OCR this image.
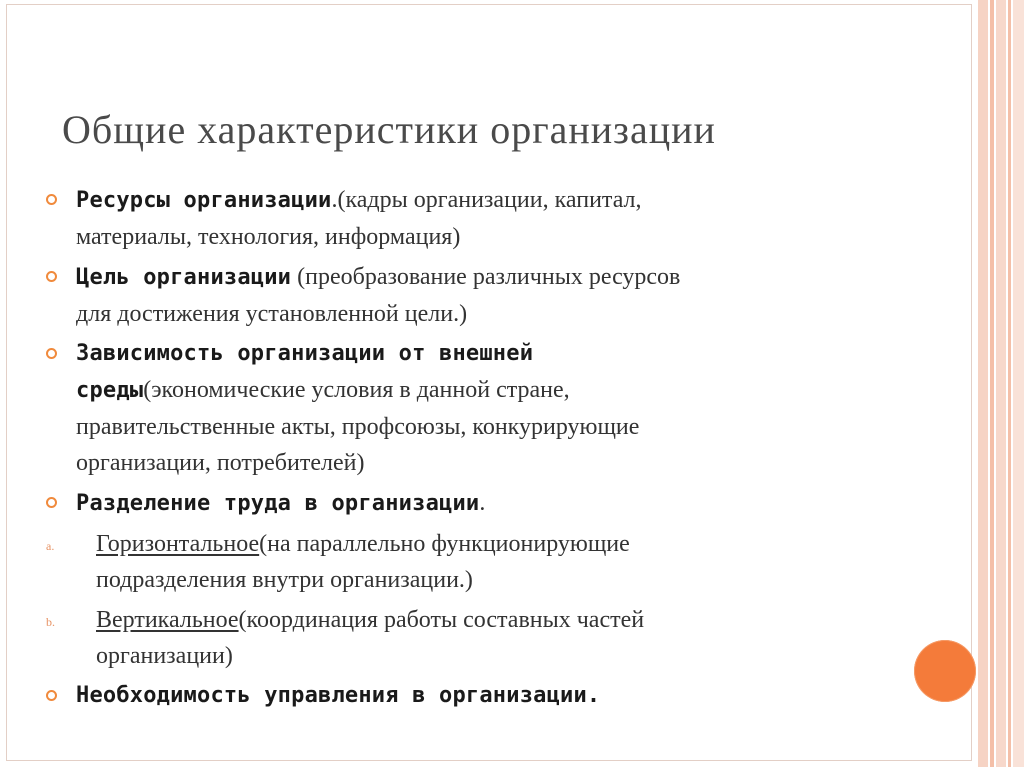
Общие характеристики организации
Ресурсы организации.(кадры организации, капитал,
материалы, технология, информация)
Цель организации (преобразование различных ресурсов
для достижения установленной цели.)
Зависимость организации от внешней
среды(экономические условия в данной стране,
правительственные акты, профсоюзы, конкурирующие
организации, потребителей)
Разделение труда в организации.
a. Горизонтальное(на параллельно функционирующие
подразделения внутри организации.)
b. Вертикальное(координация работы составных частей
организации)
Необходимость управления в организации.
